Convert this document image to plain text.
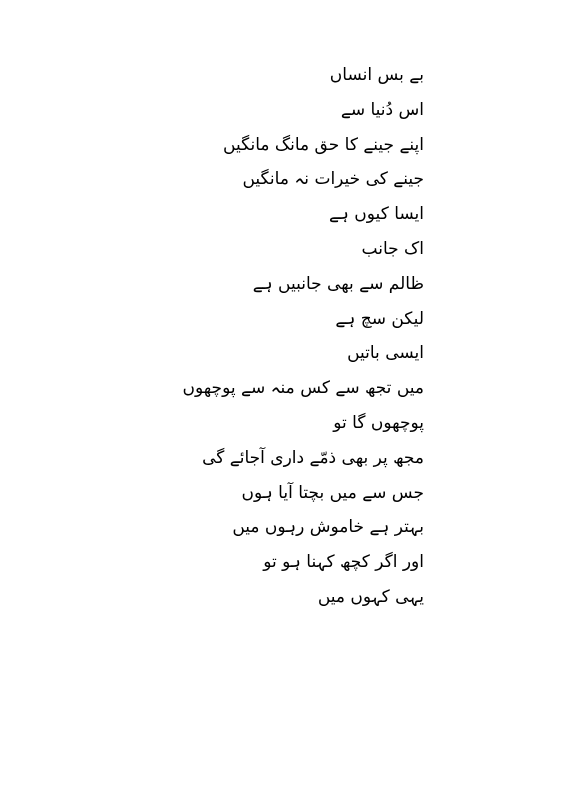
بے بس انساں
اس دُنیا سے
اپنے جینے کا حق مانگ مانگیں
جینے کی خیرات نہ مانگیں
ایسا کیوں ہے
اک جانب
ظالم سے بھی جانبیں ہے
لیکن سچ ہے
ایسی باتیں
میں تجھ سے کس منہ سے پوچھوں
پوچھوں گا تو
مجھ پر بھی ذمّے داری آجائے گی
جس سے میں بچتا آیا ہوں
بہتر ہے خاموش رہوں میں
اور اگر کچھ کہنا ہو تو
یہی کہوں میں
